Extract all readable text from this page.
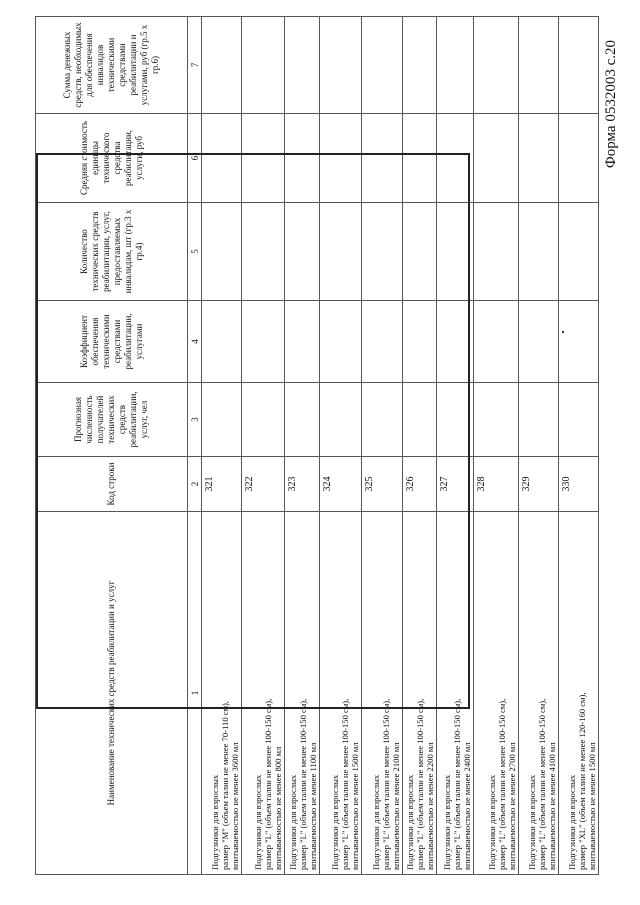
Форма 0532003 с.20
Наименование технических средств реабилитации и услуг	Код строки	Прогнозная численность получателей технических средств реабилитации, услуг, чел	Коэффициент обеспечения техническими средствами реабилитации, услугами	Количество технических средств реабилитации, услуг, предоставляемых инвалидам, шт (гр.3 х гр.4)	Средняя стоимость единицы технического средства реабилитации, услуги, руб	Сумма денежных средств, необходимых для обеспечения инвалидов техническими средствами реабилитации и услугами, руб (гр.5 х гр.6)
1	2	3	4	5	6	7

Подгузники для взрослых размер "M" (объем талии не менее 70-110 см), впитываемостью не менее 3600 мл	321					

Подгузники для взрослых размер "L" (объем талии не менее 100-150 см), впитываемостью не менее 800 мл	322					

Подгузники для взрослых размер "L" (объем талии не менее 100-150 см), впитываемостью не менее 1100 мл	323					

Подгузники для взрослых размер "L" (объем талии не менее 100-150 см), впитываемостью не менее 1500 мл	324					

Подгузники для взрослых размер "L" (объем талии не менее 100-150 см), впитываемостью не менее 2100 мл	325					

Подгузники для взрослых размер "L" (объем талии не менее 100-150 см), впитываемостью не менее 2200 мл	326					

Подгузники для взрослых размер "L" (объем талии не менее 100-150 см), впитываемостью не менее 2400 мл	327					

Подгузники для взрослых размер "L" (объем талии не менее 100-150 см), впитываемостью не менее 2700 мл	328					

Подгузники для взрослых размер "L" (объем талии не менее 100-150 см), впитываемостью не менее 4100 мл	329					

Подгузники для взрослых размер "XL" (объем талии не менее 120-160 см), впитываемостью не менее 1500 мл	330					
